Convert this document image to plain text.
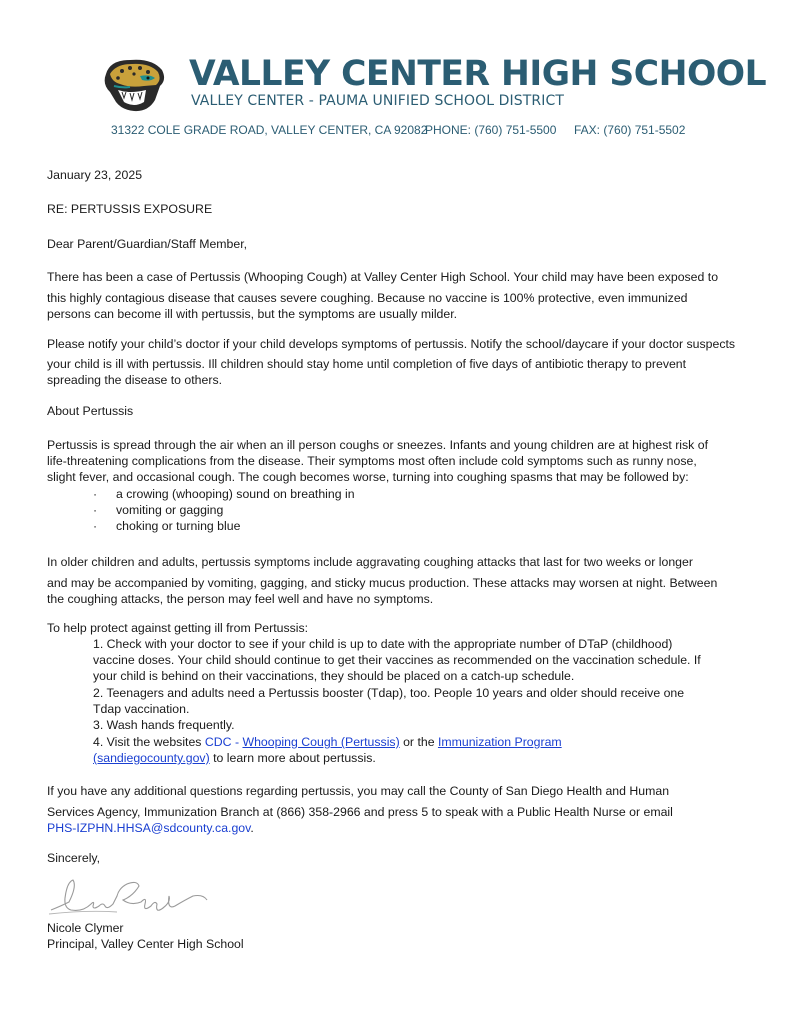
VALLEY CENTER HIGH SCHOOL
VALLEY CENTER - PAUMA UNIFIED SCHOOL DISTRICT
31322 COLE GRADE ROAD, VALLEY CENTER, CA 92082
PHONE: (760) 751-5500 FAX: (760) 751-5502
January 23, 2025
RE: PERTUSSIS EXPOSURE
Dear Parent/Guardian/Staff Member,
There has been a case of Pertussis (Whooping Cough) at Valley Center High School. Your child may have been exposed to
this highly contagious disease that causes severe coughing. Because no vaccine is 100% protective, even immunized
persons can become ill with pertussis, but the symptoms are usually milder.
Please notify your child’s doctor if your child develops symptoms of pertussis. Notify the school/daycare if your doctor suspects
your child is ill with pertussis. Ill children should stay home until completion of five days of antibiotic therapy to prevent
spreading the disease to others.
About Pertussis
Pertussis is spread through the air when an ill person coughs or sneezes. Infants and young children are at highest risk of
life-threatening complications from the disease. Their symptoms most often include cold symptoms such as runny nose,
slight fever, and occasional cough. The cough becomes worse, turning into coughing spasms that may be followed by:
· a crowing (whooping) sound on breathing in
· vomiting or gagging
· choking or turning blue
In older children and adults, pertussis symptoms include aggravating coughing attacks that last for two weeks or longer
and may be accompanied by vomiting, gagging, and sticky mucus production. These attacks may worsen at night. Between
the coughing attacks, the person may feel well and have no symptoms.
To help protect against getting ill from Pertussis:
1. Check with your doctor to see if your child is up to date with the appropriate number of DTaP (childhood)
vaccine doses. Your child should continue to get their vaccines as recommended on the vaccination schedule. If
your child is behind on their vaccinations, they should be placed on a catch-up schedule.
2. Teenagers and adults need a Pertussis booster (Tdap), too. People 10 years and older should receive one
Tdap vaccination.
3. Wash hands frequently.
4. Visit the websites CDC - Whooping Cough (Pertussis) or the Immunization Program
(sandiegocounty.gov) to learn more about pertussis.
If you have any additional questions regarding pertussis, you may call the County of San Diego Health and Human
Services Agency, Immunization Branch at (866) 358-2966 and press 5 to speak with a Public Health Nurse or email
PHS-IZPHN.HHSA@sdcounty.ca.gov.
Sincerely,
Nicole Clymer
Principal, Valley Center High School
